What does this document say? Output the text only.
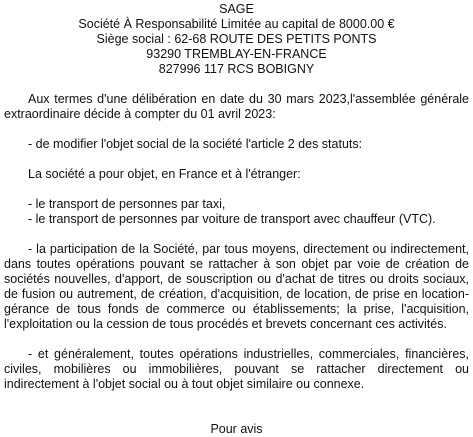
SAGE
Société À Responsabilité Limitée au capital de 8000.00 €
Siège social : 62-68 ROUTE DES PETITS PONTS
93290 TREMBLAY-EN-FRANCE
827996 117 RCS BOBIGNY
Aux termes d'une délibération en date du 30 mars 2023,l'assemblée générale extraordinaire décide à compter du 01 avril 2023:
- de modifier l'objet social de la société l'article 2 des statuts:
La société a pour objet, en France et à l'étranger:
- le transport de personnes par taxi,
- le transport de personnes par voiture de transport avec chauffeur (VTC).
- la participation de la Société, par tous moyens, directement ou indirectement, dans toutes opérations pouvant se rattacher à son objet par voie de création de sociétés nouvelles, d'apport, de souscription ou d'achat de titres ou droits sociaux, de fusion ou autrement, de création, d'acquisition, de location, de prise en location-gérance de tous fonds de commerce ou établissements; la prise, l'acquisition, l'exploitation ou la cession de tous procédés et brevets concernant ces activités.
- et généralement, toutes opérations industrielles, commerciales, financières, civiles, mobilières ou immobilières, pouvant se rattacher directement ou indirectement à l'objet social ou à tout objet similaire ou connexe.
Pour avis
